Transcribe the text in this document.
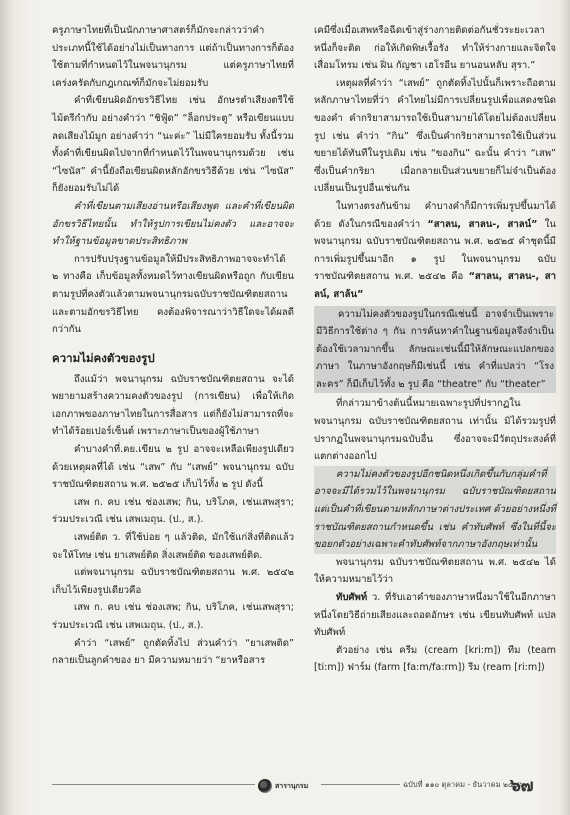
ครูภาษาไทยที่เป็นนักภาษาศาสตร์ก็มักจะกล่าวว่าคำประเภทนี้ใช้ได้อย่างไม่เป็นทางการ แต่ถ้าเป็นทางการก็ต้องใช้ตามที่กำหนดไว้ในพจนานุกรม แต่ครูภาษาไทยที่เคร่งครัดกับกฎเกณฑ์ก็มักจะไม่ยอมรับ

คำที่เขียนผิดอักขรวิธีไทย เช่น อักษรตำเสียงตรีใช้ไม้ตรีกำกับ อย่างคำว่า “ชิฟู้ด” “ล็อกประตู” หรือเขียนแบบลดเสียงไม้มูก อย่างคำว่า “นะค่ะ” ไม่มีใครยอมรับ ทั้งนี้รวมทั้งคำที่เขียนผิดไปจากที่กำหนดไว้ในพจนานุกรมด้วย เช่น “ไซนัส” คำนี้ยังถือเขียนผิดหลักอักขรวิธีด้วย เช่น “ไซนัส” ก็ยังยอมรับไม่ได้

คำที่เขียนตามเสียงอ่านหรือเสียงพูด และคำที่เขียนผิดอักขรวิธีไทยนั้น ทำให้รูปการเขียนไม่คงตัว และอาจจะทำให้ฐานข้อมูลขาดประสิทธิภาพ

การปรับปรุงฐานข้อมูลให้มีประสิทธิภาพอาจจะทำได้ ๒ ทางคือ เก็บข้อมูลทั้งหมดไว้ทางเขียนผิดหรือถูก กับเขียนตามรูปที่คงตัวแล้วตามพจนานุกรมฉบับราชบัณฑิตยสถานและตามอักขรวิธีไทย คงต้องพิจารณาว่าวิธีใดจะได้ผลดีกว่ากัน

ความไม่คงตัวของรูป

ถึงแม้ว่า พจนานุกรม ฉบับราชบัณฑิตยสถาน จะได้พยายามสร้างความคงตัวของรูป (การเขียน) เพื่อให้เกิดเอกภาพของภาษาไทยในการสื่อสาร แต่ก็ยังไม่สามารถที่จะทำได้ร้อยเปอร์เซ็นต์ เพราะภาษาเป็นของผู้ใช้ภาษา

คำบางคำที่.คย.เขียน ๒ รูป อาจจะเหลือเพียงรูปเดียวด้วยเหตุผลที่ได้ เช่น “เสพ” กับ “เสพย์” พจนานุกรม ฉบับราชบัณฑิตยสถาน พ.ศ. ๒๕๒๕ เก็บไว้ทั้ง ๒ รูป ดังนี้

เสพ ก. คบ เช่น ช่องเสพ; กิน, บริโภค, เช่นเสพสุรา; ร่วมประเวณี เช่น เสพเมถุน. (ป., ส.).

เสพย์ติด ว. ที่ใช้บ่อย ๆ แล้วติด, มักใช้แก่สิ่งที่ติดแล้วจะให้โทษ เช่น ยาเสพย์ติด สิ่งเสพย์ติด ของเสพย์ติด.

แต่พจนานุกรม ฉบับราชบัณฑิตยสถาน พ.ศ. ๒๕๔๒ เก็บไว้เพียงรูปเดียวคือ

เสพ ก. คบ เช่น ช่องเสพ; กิน, บริโภค, เช่นเสพสุรา; ร่วมประเวณี เช่น เสพเมถุน. (ป., ส.).

คำว่า “เสพย์” ถูกตัดทิ้งไป ส่วนคำว่า “ยาเสพติด” กลายเป็นลูกคำของ ยา มีความหมายว่า “ยาหรือสาร

เคมีซึ่งเมื่อเสพหรือฉีดเข้าสู่ร่างกายติดต่อกันชั่วระยะเวลาหนึ่งก็จะติด ก่อให้เกิดพิษเรื้อรัง ทำให้ร่างกายและจิตใจเสื่อมโทรม เช่น ฝิ่น กัญชา เฮโรอีน ยานอนหลับ สุรา.”

เหตุผลที่คำว่า “เสพย์” ถูกตัดทิ้งไปนั้นก็เพราะถือตามหลักภาษาไทยที่ว่า คำไทยไม่มีการเปลี่ยนรูปเพื่อแสดงชนิดของคำ คำกริยาสามารถใช้เป็นสามายได้โดยไม่ต้องเปลี่ยนรูป เช่น คำว่า “กิน” ซึ่งเป็นคำกริยาสามารถใช้เป็นส่วนขยายได้ทันทีในรูปเดิม เช่น “ของกิน” ฉะนั้น คำว่า “เสพ” ซึ่งเป็นคำกริยา เมื่อกลายเป็นส่วนขยายก็ไม่จำเป็นต้องเปลี่ยนเป็นรูปอื่นเช่นกัน

ในทางตรงกันข้าม คำบางคำก็มีการเพิ่มรูปขึ้นมาได้ด้วย ดังในกรณีของคำว่า “สาลน, สาลน-, สาลน์” ในพจนานุกรม ฉบับราชบัณฑิตยสถาน พ.ศ. ๒๕๒๕ คำชุดนี้มีการเพิ่มรูปขึ้นมาอีก ๑ รูป ในพจนานุกรม ฉบับราชบัณฑิตยสถาน พ.ศ. ๒๕๔๒ คือ “สาลน, สาลน-, สาลน์, สาล้น”

ความไม่คงตัวของรูปในกรณีเช่นนี้ อาจจำเป็นเพราะมีวิธีการใช้ต่าง ๆ กัน การค้นหาคำในฐานข้อมูลจึงจำเป็นต้องใช้เวลามากขึ้น ลักษณะเช่นนี้มีให้ลักษณะแปลกของภาษา ในภาษาอังกฤษก็มีเช่นนี้ เช่น คำที่แปลว่า “โรงละคร” ก็มีเก็บไว้ทั้ง ๒ รูป คือ “theatre” กับ “theater”

ที่กล่าวมาข้างต้นนี้หมายเฉพาะรูปที่ปรากฏในพจนานุกรม ฉบับราชบัณฑิตยสถาน เท่านั้น มิได้รวมรูปที่ปรากฏในพจนานุกรมฉบับอื่น ซึ่งอาจจะมีวัตถุประสงค์ที่แตกต่างออกไป

ความไม่คงตัวของรูปอีกชนิดหนึ่งเกิดขึ้นกับกลุ่มคำที่อาจจะมีได้รวมไว้ในพจนานุกรม ฉบับราชบัณฑิตยสถาน แต่เป็นคำที่เขียนตามหลักภาษาต่างประเทศ ด้วยอย่างหนึ่งที่ราชบัณฑิตยสถานกำหนดขึ้น เช่น คำทับศัพท์ ซึ่งในที่นี้จะขอยกตัวอย่างเฉพาะคำทับศัพท์จากภาษาอังกฤษเท่านั้น

พจนานุกรม ฉบับราชบัณฑิตยสถาน พ.ศ. ๒๕๔๒ ได้ให้ความหมายไว้ว่า

ทับศัพท์ ว. ที่รับเอาคำของภาษาหนึ่งมาใช้ในอีกภาษาหนึ่งโดยวิธีถ่ายเสียงและถอดอักษร เช่น เขียนทับศัพท์ แปลทับศัพท์

ตัวอย่าง เช่น ครีม (cream [kri:m]) ทีม (team [ti:m]) ฟาร์ม (farm [fa:m/fa:rm]) รีม (ream [ri:m])

สารานุกรม	ฉบับที่ ๑๑๐ ตุลาคม - ธันวาคม ๒๕๔๖
๖๗
